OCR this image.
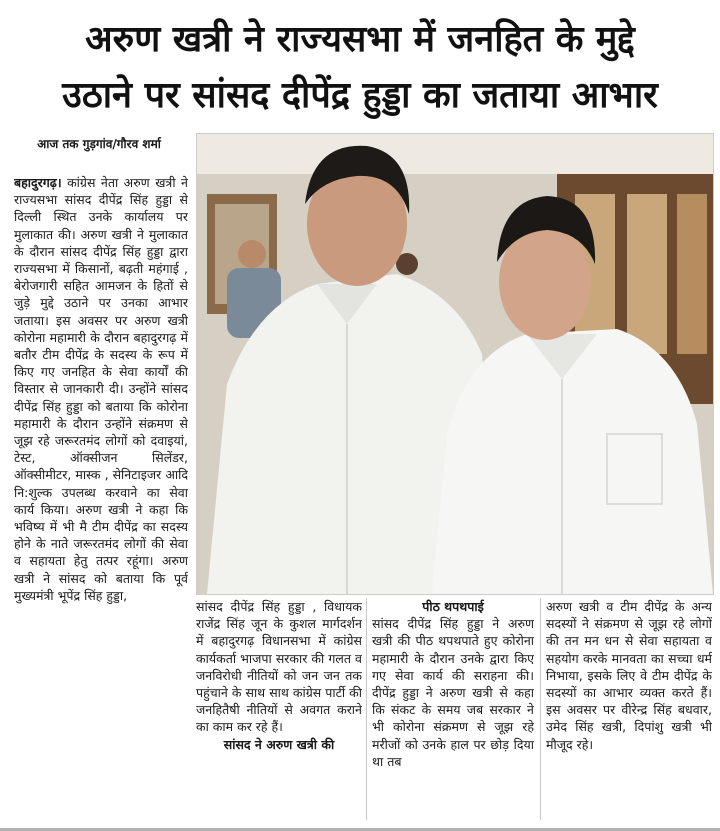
अरुण खत्री ने राज्यसभा में जनहित के मुद्दे
उठाने पर सांसद दीपेंद्र हुड्डा का जताया आभार
आज तक गुड़गांव/गौरव शर्मा
बहादुरगढ़। कांग्रेस नेता अरुण खत्री ने राज्यसभा सांसद दीपेंद्र सिंह हुड्डा से दिल्ली स्थित उनके कार्यालय पर मुलाकात की। अरुण खत्री ने मुलाकात के दौरान सांसद दीपेंद्र सिंह हुड्डा द्वारा राज्यसभा में किसानों, बढ़ती महंगाई , बेरोजगारी सहित आमजन के हितों से जुड़े मुद्दे उठाने पर उनका आभार जताया। इस अवसर पर अरुण खत्री कोरोना महामारी के दौरान बहादुरगढ़ में बतौर टीम दीपेंद्र के सदस्य के रूप में किए गए जनहित के सेवा कार्यों की विस्तार से जानकारी दी। उन्होंने सांसद दीपेंद्र सिंह हुड्डा को बताया कि कोरोना महामारी के दौरान उन्होंने संक्रमण से जूझ रहे जरूरतमंद लोगों को दवाइयां, टेस्ट, ऑक्सीजन सिलेंडर, ऑक्सीमीटर, मास्क , सेनिटाइजर आदि नि:शुल्क उपलब्ध करवाने का सेवा कार्य किया। अरुण खत्री ने कहा कि भविष्य में भी मै टीम दीपेंद्र का सदस्य होने के नाते जरूरतमंद लोगों की सेवा व सहायता हेतु तत्पर रहूंगा। अरुण खत्री ने सांसद को बताया कि पूर्व मुख्यमंत्री भूपेंद्र सिंह हुड्डा,
सांसद दीपेंद्र सिंह हुड्डा , विधायक राजेंद्र सिंह जून के कुशल मार्गदर्शन में बहादुरगढ़ विधानसभा में कांग्रेस कार्यकर्ता भाजपा सरकार की गलत व जनविरोधी नीतियों को जन जन तक पहुंचाने के साथ साथ कांग्रेस पार्टी की जनहितैषी नीतियों से अवगत कराने का काम कर रहे हैं।
सांसद ने अरुण खत्री की
पीठ थपथपाई
सांसद दीपेंद्र सिंह हुड्डा ने अरुण खत्री की पीठ थपथपाते हुए कोरोना महामारी के दौरान उनके द्वारा किए गए सेवा कार्य की सराहना की। दीपेंद्र हुड्डा ने अरुण खत्री से कहा कि संकट के समय जब सरकार ने भी कोरोना संक्रमण से जूझ रहे मरीजों को उनके हाल पर छोड़ दिया था तब
अरुण खत्री व टीम दीपेंद्र के अन्य सदस्यों ने संक्रमण से जूझ रहे लोगों की तन मन धन से सेवा सहायता व सहयोग करके मानवता का सच्चा धर्म निभाया, इसके लिए वे टीम दीपेंद्र के सदस्यों का आभार व्यक्त करते हैं। इस अवसर पर वीरेन्द्र सिंह बधवार, उमेद सिंह खत्री, दिपांशु खत्री भी मौजूद रहे।
